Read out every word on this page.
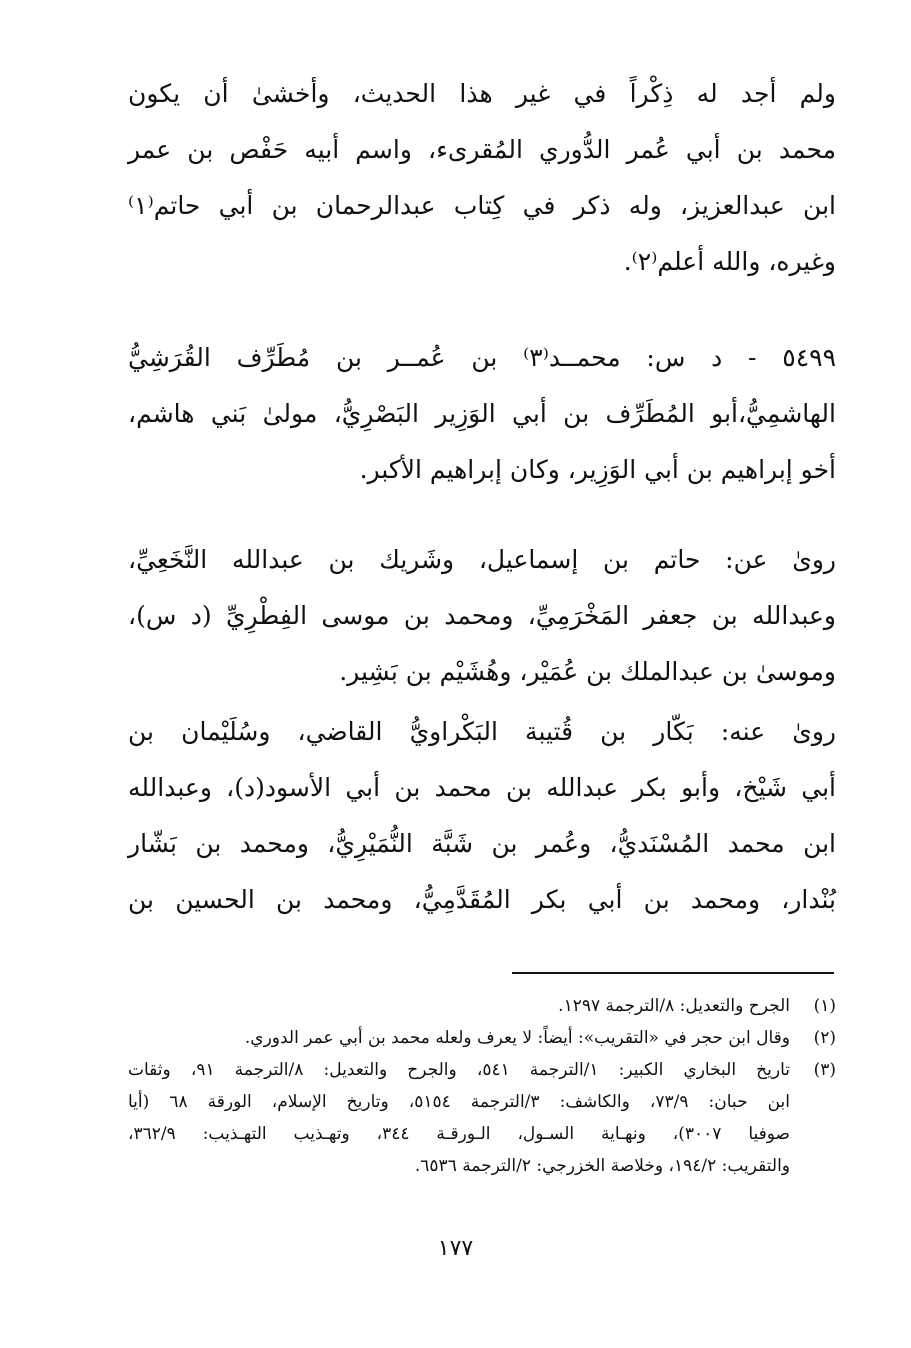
ولم أجد له ذِكْراً في غير هذا الحديث، وأخشىٰ أن يكون
محمد بن أبي عُمر الدُّوري المُقرىء، واسم أبيه حَفْص بن عمر
ابن عبدالعزيز، وله ذكر في كِتاب عبدالرحمان بن أبي حاتم⁽١⁾
وغيره، والله أعلم⁽٢⁾.
٥٤٩٩ - د س: محمــد⁽٣⁾ بن عُمــر بن مُطَرِّف القُرَشِيُّ
الهاشمِيُّ،أبو المُطَرِّف بن أبي الوَزِير البَصْرِيُّ، مولىٰ بَني هاشم،
أخو إبراهيم بن أبي الوَزِير، وكان إبراهيم الأكبر.
روىٰ عن: حاتم بن إسماعيل، وشَريك بن عبدالله النَّخَعِيِّ،
وعبدالله بن جعفر المَخْرَمِيِّ، ومحمد بن موسى الفِطْرِيِّ (د س)،
وموسىٰ بن عبدالملك بن عُمَيْر، وهُشَيْم بن بَشِير.
روىٰ عنه: بَكّار بن قُتيبة البَكْراويُّ القاضي، وسُلَيْمان بن
أبي شَيْخ، وأبو بكر عبدالله بن محمد بن أبي الأسود(د)، وعبدالله
ابن محمد المُسْنَديُّ، وعُمر بن شَبَّة النُّمَيْرِيُّ، ومحمد بن بَشّار
بُنْدار، ومحمد بن أبي بكر المُقَدَّمِيُّ، ومحمد بن الحسين بن
(١)
الجرح والتعديل: ٨/الترجمة ١٢٩٧.
(٢)
وقال ابن حجر في «التقريب»: أيضاً: لا يعرف ولعله محمد بن أبي عمر الدوري.
(٣)
تاريخ البخاري الكبير: ١/الترجمة ٥٤١، والجرح والتعديل: ٨/الترجمة ٩١، وثقات
ابن حبان: ٧٣/٩، والكاشف: ٣/الترجمة ٥١٥٤، وتاريخ الإسلام، الورقة ٦٨ (أيا
صوفيا ٣٠٠٧)، ونهـاية السـول، الـورقـة ٣٤٤، وتهـذيب التهـذيب: ٣٦٢/٩،
والتقريب: ١٩٤/٢، وخلاصة الخزرجي: ٢/الترجمة ٦٥٣٦.
١٧٧
